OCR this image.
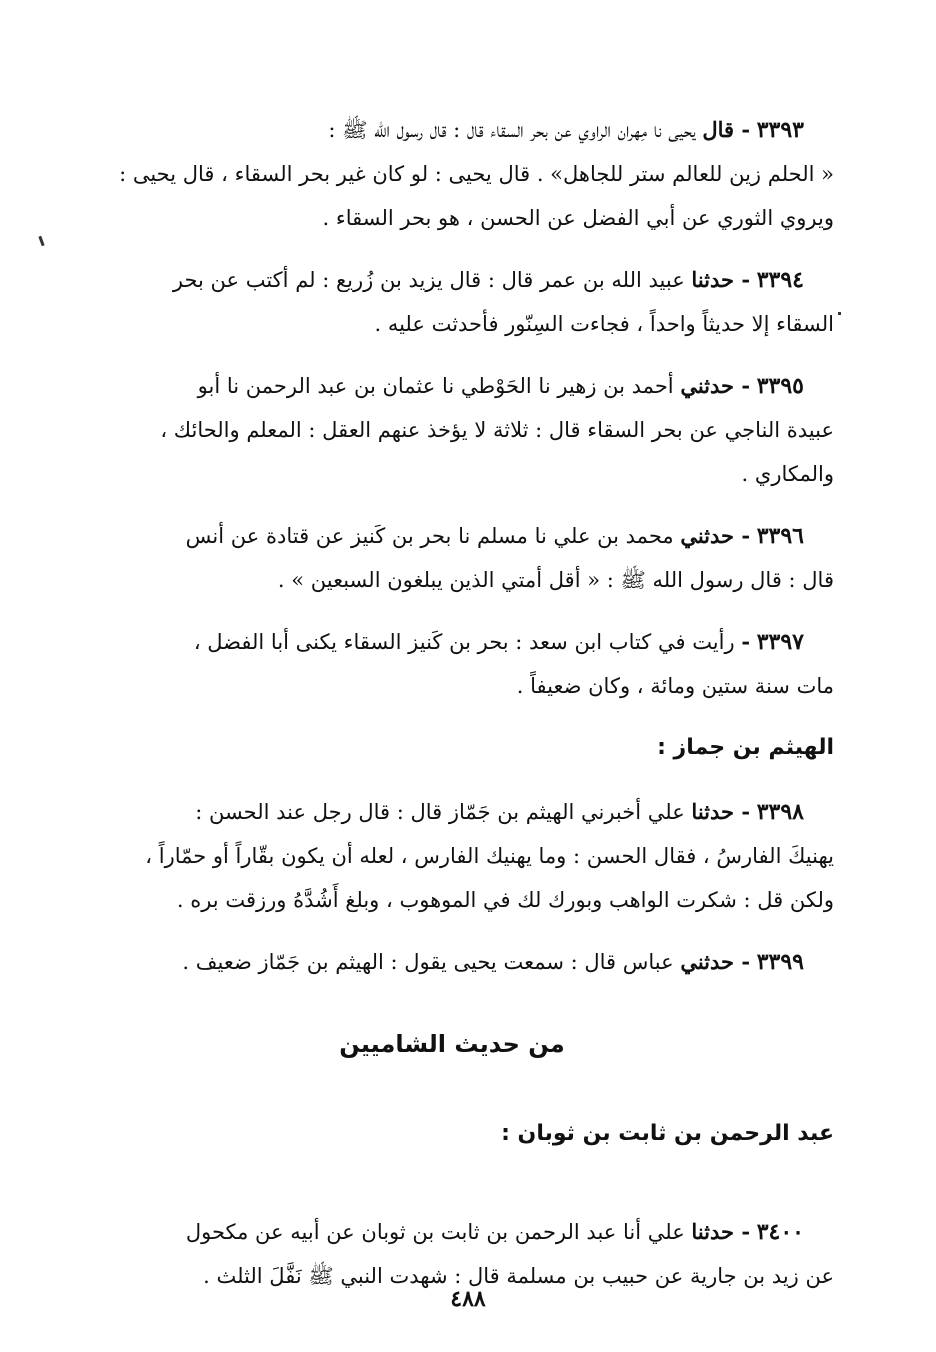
٣٣٩٣ - قال يحيى نا مِهران الراوي عن بحر السقاء قال : قال رسول الله ﷺ :

« الحلم زين للعالم ستر للجاهل» . قال يحيى : لو كان غير بحر السقاء ، قال يحيى :

ويروي الثوري عن أبي الفضل عن الحسن ، هو بحر السقاء .

٣٣٩٤ - حدثنا عبيد الله بن عمر قال : قال يزيد بن زُريع : لم أكتب عن بحر

السقاء إلا حديثاً واحداً ، فجاءت السِنّور فأحدثت عليه .

٣٣٩٥ - حدثني أحمد بن زهير نا الحَوْطي نا عثمان بن عبد الرحمن نا أبو

عبيدة الناجي عن بحر السقاء قال : ثلاثة لا يؤخذ عنهم العقل : المعلم والحائك ،

والمكاري .

٣٣٩٦ - حدثني محمد بن علي نا مسلم نا بحر بن كَنيز عن قتادة عن أنس

قال : قال رسول الله ﷺ : « أقل أمتي الذين يبلغون السبعين » .

٣٣٩٧ - رأيت في كتاب ابن سعد : بحر بن كَنيز السقاء يكنى أبا الفضل ،

مات سنة ستين ومائة ، وكان ضعيفاً .

الهيثم بن جماز :

٣٣٩٨ - حدثنا علي أخبرني الهيثم بن جَمّاز قال : قال رجل عند الحسن :

يهنيكَ الفارسُ ، فقال الحسن : وما يهنيك الفارس ، لعله أن يكون بقّاراً أو حمّاراً ،

ولكن قل : شكرت الواهب وبورك لك في الموهوب ، وبلغ أَشُدَّهُ ورزقت بره .

٣٣٩٩ - حدثني عباس قال : سمعت يحيى يقول : الهيثم بن جَمّاز ضعيف .

من حديث الشاميين
عبد الرحمن بن ثابت بن ثوبان :

٣٤٠٠ - حدثنا علي أنا عبد الرحمن بن ثابت بن ثوبان عن أبيه عن مكحول

عن زيد بن جارية عن حبيب بن مسلمة قال : شهدت النبي ﷺ نَفَّلَ الثلث .

٤٨٨
